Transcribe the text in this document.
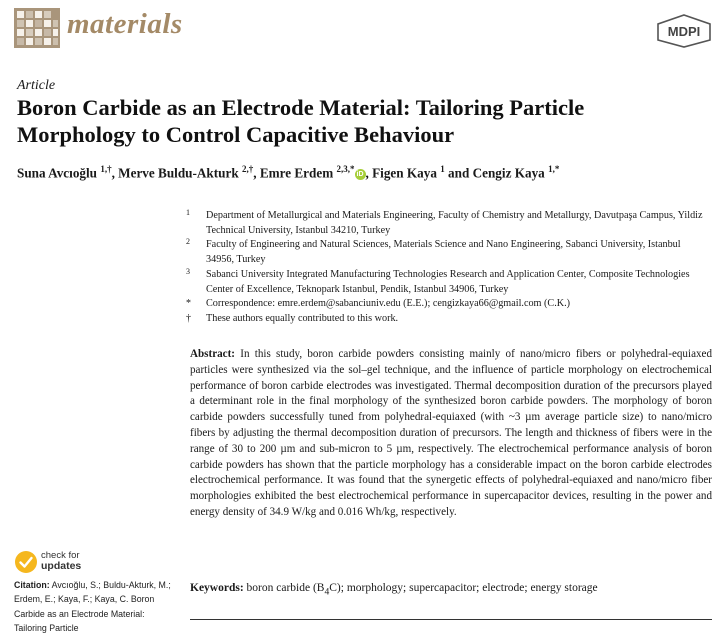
materials	MDPI
Article
Boron Carbide as an Electrode Material: Tailoring Particle Morphology to Control Capacitive Behaviour
Suna Avcıoğlu $^{1,\dagger}$, Merve Buldu-Akturk $^{2,\dagger}$, Emre Erdem $^{2,3,*}$iD , Figen Kaya $^1$ and Cengiz Kaya $^{1,*}$
1 Department of Metallurgical and Materials Engineering, Faculty of Chemistry and Metallurgy, Davutpaşa Campus, Yildiz Technical University, Istanbul 34210, Turkey
2 Faculty of Engineering and Natural Sciences, Materials Science and Nano Engineering, Sabanci University, Istanbul 34956, Turkey
3 Sabanci University Integrated Manufacturing Technologies Research and Application Center, Composite Technologies Center of Excellence, Teknopark Istanbul, Pendik, Istanbul 34906, Turkey
* Correspondence: emre.erdem@sabanciuniv.edu (E.E.); cengizkaya66@gmail.com (C.K.)
† These authors equally contributed to this work.
Abstract: In this study, boron carbide powders consisting mainly of nano/micro fibers or polyhedral-equiaxed particles were synthesized via the sol–gel technique, and the influence of particle morphology on electrochemical performance of boron carbide electrodes was investigated. Thermal decomposition duration of the precursors played a determinant role in the final morphology of the synthesized boron carbide powders. The morphology of boron carbide powders successfully tuned from polyhedral-equiaxed (with ~3 µm average particle size) to nano/micro fibers by adjusting the thermal decomposition duration of precursors. The length and thickness of fibers were in the range of 30 to 200 µm and sub-micron to 5 µm, respectively. The electrochemical performance analysis of boron carbide powders has shown that the particle morphology has a considerable impact on the boron carbide electrodes electrochemical performance. It was found that the synergetic effects of polyhedral-equiaxed and nano/micro fiber morphologies exhibited the best electrochemical performance in supercapacitor devices, resulting in the power and energy density of 34.9 W/kg and 0.016 Wh/kg, respectively.
Keywords: boron carbide $(B_4C)$; morphology; supercapacitor; electrode; energy storage
check for
updates
Citation: Avcıoğlu, S.; Buldu-Akturk, M.; Erdem, E.; Kaya, F.; Kaya, C. Boron Carbide as an Electrode Material: Tailoring Particle
